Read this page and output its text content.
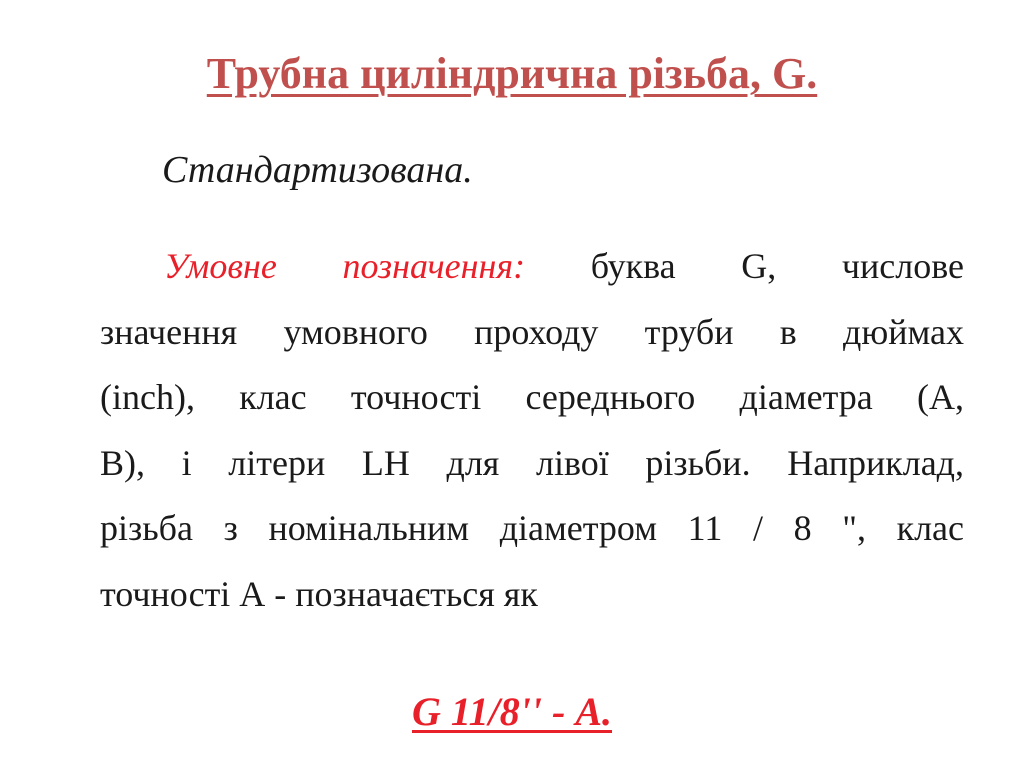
Трубна циліндрична різьба, G.
Стандартизована.
Умовне позначення: буква G, числове
значення умовного проходу труби в дюймах
(inch), клас точності середнього діаметра (А,
В), і літери LH для лівої різьби. Наприклад,
різьба з номінальним діаметром 11 / 8 ", клас
точності А - позначається як
G 11/8'' - А.
